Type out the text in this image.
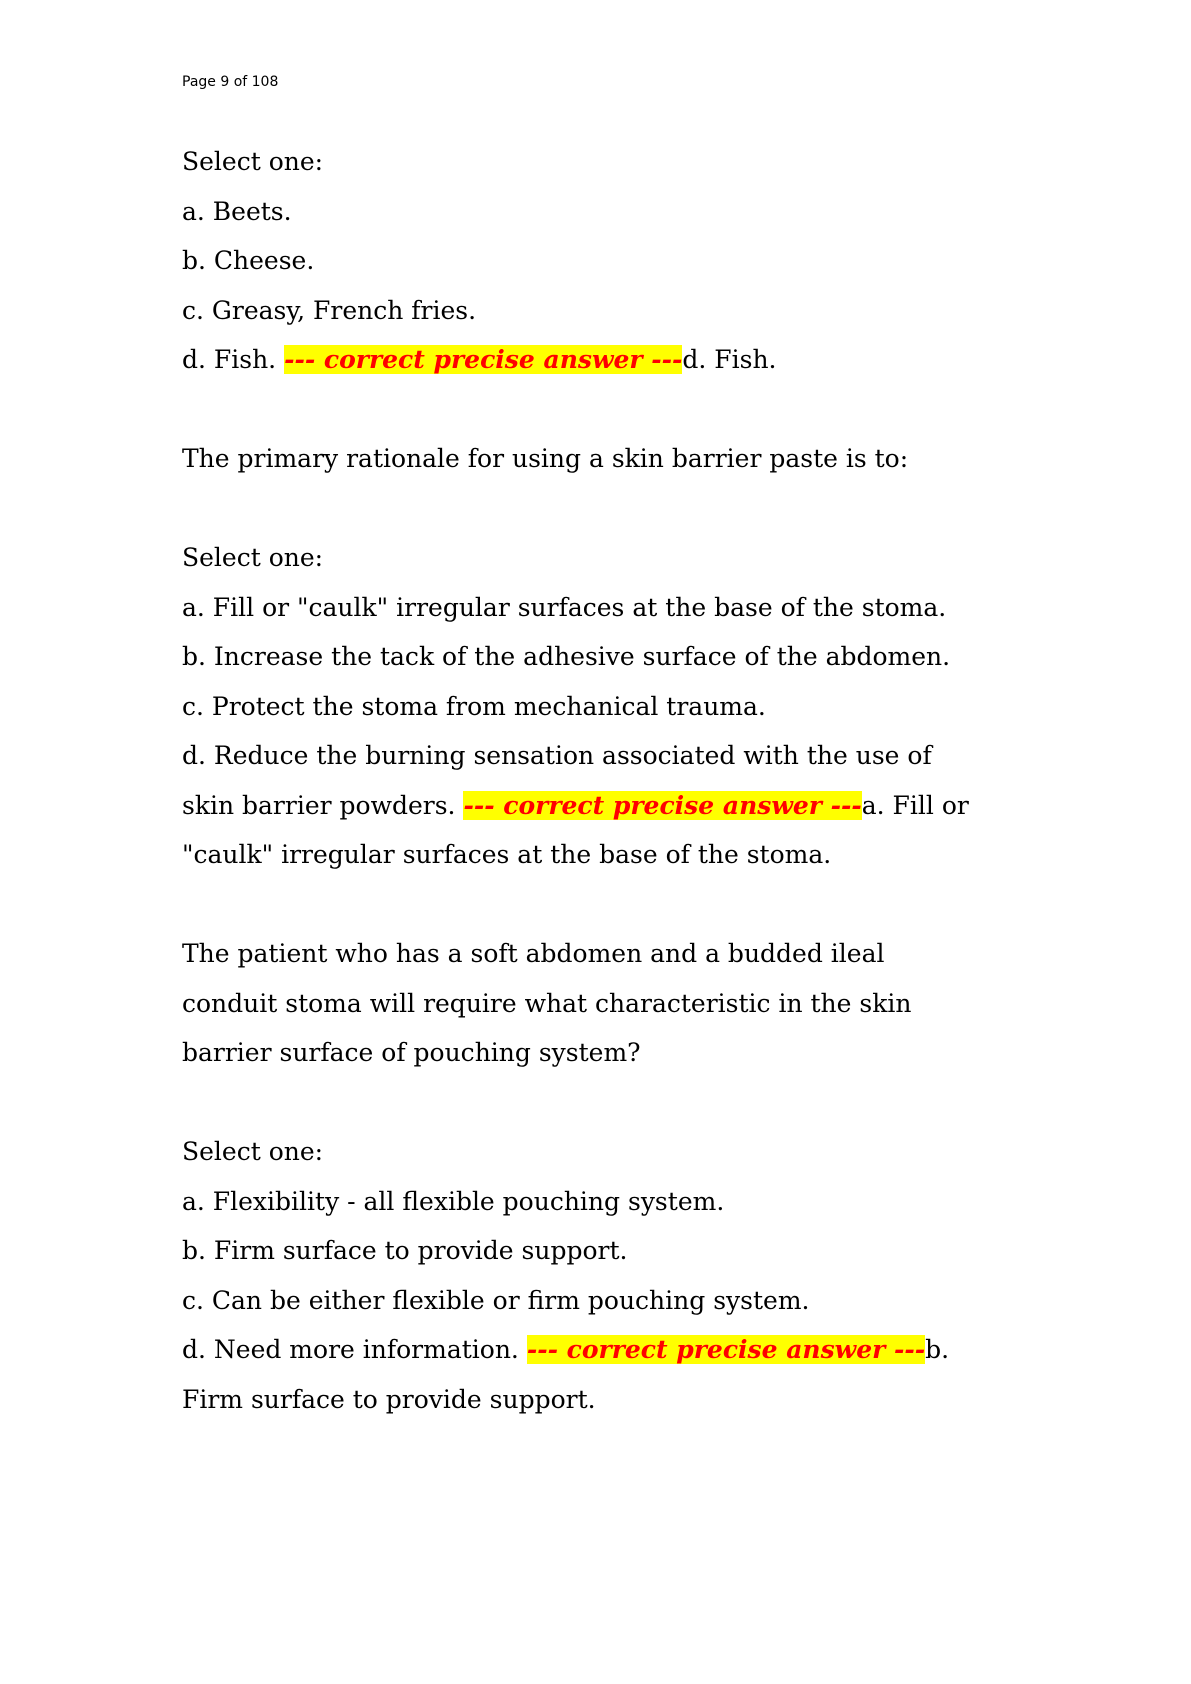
Page 9 of 108
Select one:
a. Beets.
b. Cheese.
c. Greasy, French fries.
d. Fish. --- correct precise answer ---d. Fish.
The primary rationale for using a skin barrier paste is to:
Select one:
a. Fill or "caulk" irregular surfaces at the base of the stoma.
b. Increase the tack of the adhesive surface of the abdomen.
c. Protect the stoma from mechanical trauma.
d. Reduce the burning sensation associated with the use of
skin barrier powders. --- correct precise answer ---a. Fill or
"caulk" irregular surfaces at the base of the stoma.
The patient who has a soft abdomen and a budded ileal
conduit stoma will require what characteristic in the skin
barrier surface of pouching system?
Select one:
a. Flexibility - all flexible pouching system.
b. Firm surface to provide support.
c. Can be either flexible or firm pouching system.
d. Need more information. --- correct precise answer ---b.
Firm surface to provide support.
